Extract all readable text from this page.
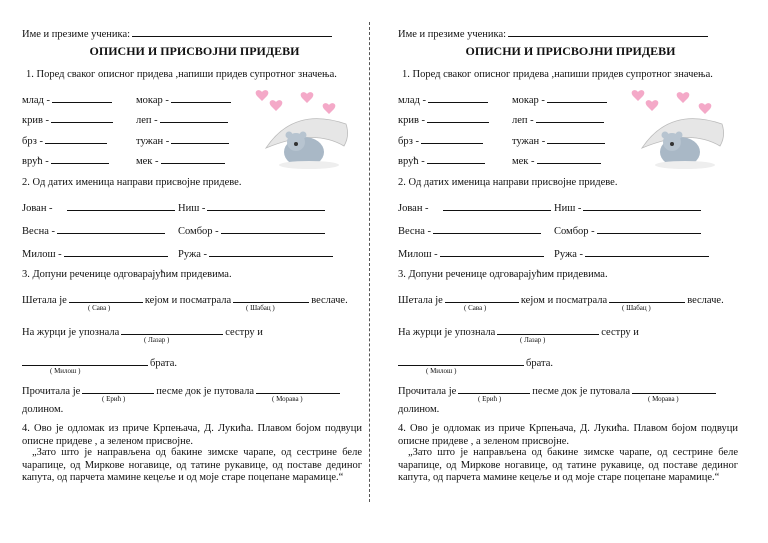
Име и презиме ученика:
ОПИСНИ И ПРИСВОЈНИ ПРИДЕВИ
1. Поред сваког описног придева ,напиши придев супротног значења.
млад -	мокар -
крив -	леп -
брз -	тужан -
врућ -	мек -
2. Од датих именица направи присвојне придеве.
Јован -	Ниш -
Весна -	Сомбор -
Милош -	Ружа -
3. Допуни реченице одговарајућим придевима.
Шетала је	кејом и посматрала	веслаче.
( Сава )	( Шабац )
На журци је упознала	сестру и
( Лазар )
брата.
( Милош )
Прочитала је	песме док је путовала
( Ерић )	( Морава )
долином.
4. Ово је одломак из приче Крпењача, Д. Лукића. Плавом бојом подвуци описне придеве , а зеленом присвојне.
„Зато што је направљена од бакине зимске чарапе, од сестрине беле чарапице, од Миркове ногавице, од татине рукавице, од поставе дединог капута, од парчета мамине кецеље и од моје старе поцепане марамице.“
Име и презиме ученика:
ОПИСНИ И ПРИСВОЈНИ ПРИДЕВИ
1. Поред сваког описног придева ,напиши придев супротног значења.
млад -	мокар -
крив -	леп -
брз -	тужан -
врућ -	мек -
2. Од датих именица направи присвојне придеве.
Јован -	Ниш -
Весна -	Сомбор -
Милош -	Ружа -
3. Допуни реченице одговарајућим придевима.
Шетала је	кејом и посматрала	веслаче.
( Сава )	( Шабац )
На журци је упознала	сестру и
( Лазар )
брата.
( Милош )
Прочитала је	песме док је путовала
( Ерић )	( Морава )
долином.
4. Ово је одломак из приче Крпењача, Д. Лукића. Плавом бојом подвуци описне придеве , а зеленом присвојне.
„Зато што је направљена од бакине зимске чарапе, од сестрине беле чарапице, од Миркове ногавице, од татине рукавице, од поставе дединог капута, од парчета мамине кецеље и од моје старе поцепане марамице.“
